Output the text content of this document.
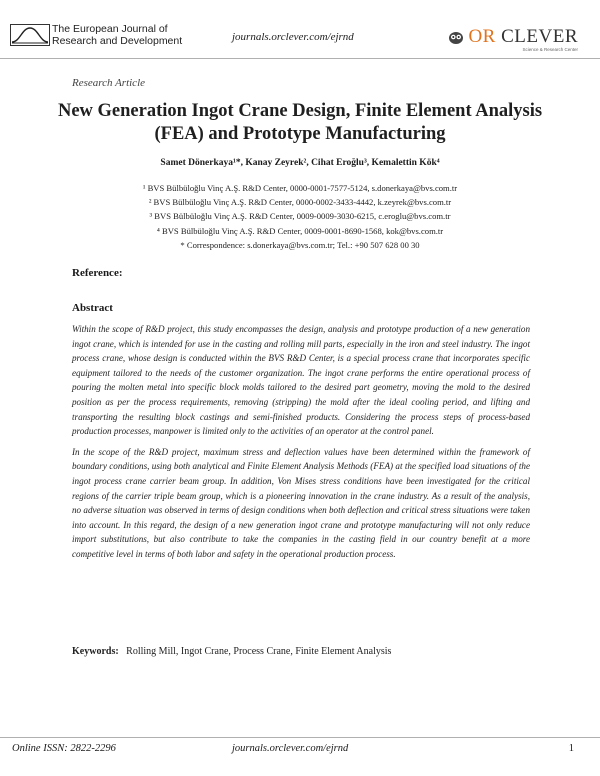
The European Journal of
Research and Development	journals.orclever.com/ejrnd	OR CLEVER
Science & Research Center
Research Article
New Generation Ingot Crane Design, Finite Element Analysis (FEA) and Prototype Manufacturing
Samet Dönerkaya¹*, Kanay Zeyrek², Cihat Eroğlu³, Kemalettin Kök⁴
¹ BVS Bülbüloğlu Vinç A.Ş. R&D Center, 0000-0001-7577-5124, s.donerkaya@bvs.com.tr
² BVS Bülbüloğlu Vinç A.Ş. R&D Center, 0000-0002-3433-4442, k.zeyrek@bvs.com.tr
³ BVS Bülbüloğlu Vinç A.Ş. R&D Center, 0009-0009-3030-6215, c.eroglu@bvs.com.tr
⁴ BVS Bülbüloğlu Vinç A.Ş. R&D Center, 0009-0001-8690-1568, kok@bvs.com.tr
* Correspondence: s.donerkaya@bvs.com.tr; Tel.: +90 507 628 00 30
Reference:
Abstract

Within the scope of R&D project, this study encompasses the design, analysis and prototype production of a new generation ingot crane, which is intended for use in the casting and rolling mill parts, especially in the iron and steel industry. The ingot process crane, whose design is conducted within the BVS R&D Center, is a special process crane that incorporates specific equipment tailored to the needs of the customer organization. The ingot crane performs the entire operational process of pouring the molten metal into specific block molds tailored to the desired part geometry, moving the mold to the desired position as per the process requirements, removing (stripping) the mold after the ideal cooling period, and lifting and transporting the resulting block castings and semi-finished products. Considering the process steps of process-based production processes, manpower is limited only to the activities of an operator at the control panel.

In the scope of the R&D project, maximum stress and deflection values have been determined within the framework of boundary conditions, using both analytical and Finite Element Analysis Methods (FEA) at the specified load situations of the ingot process crane carrier beam group. In addition, Von Mises stress conditions have been investigated for the critical regions of the carrier triple beam group, which is a pioneering innovation in the crane industry. As a result of the analysis, no adverse situation was observed in terms of design conditions when both deflection and critical stress situations were taken into account. In this regard, the design of a new generation ingot crane and prototype manufacturing will not only reduce import substitutions, but also contribute to take the companies in the casting field in our country benefit at a more competitive level in terms of both labor and safety in the operational production process.

Keywords: Rolling Mill, Ingot Crane, Process Crane, Finite Element Analysis
Online ISSN: 2822-2296	journals.orclever.com/ejrnd	1
